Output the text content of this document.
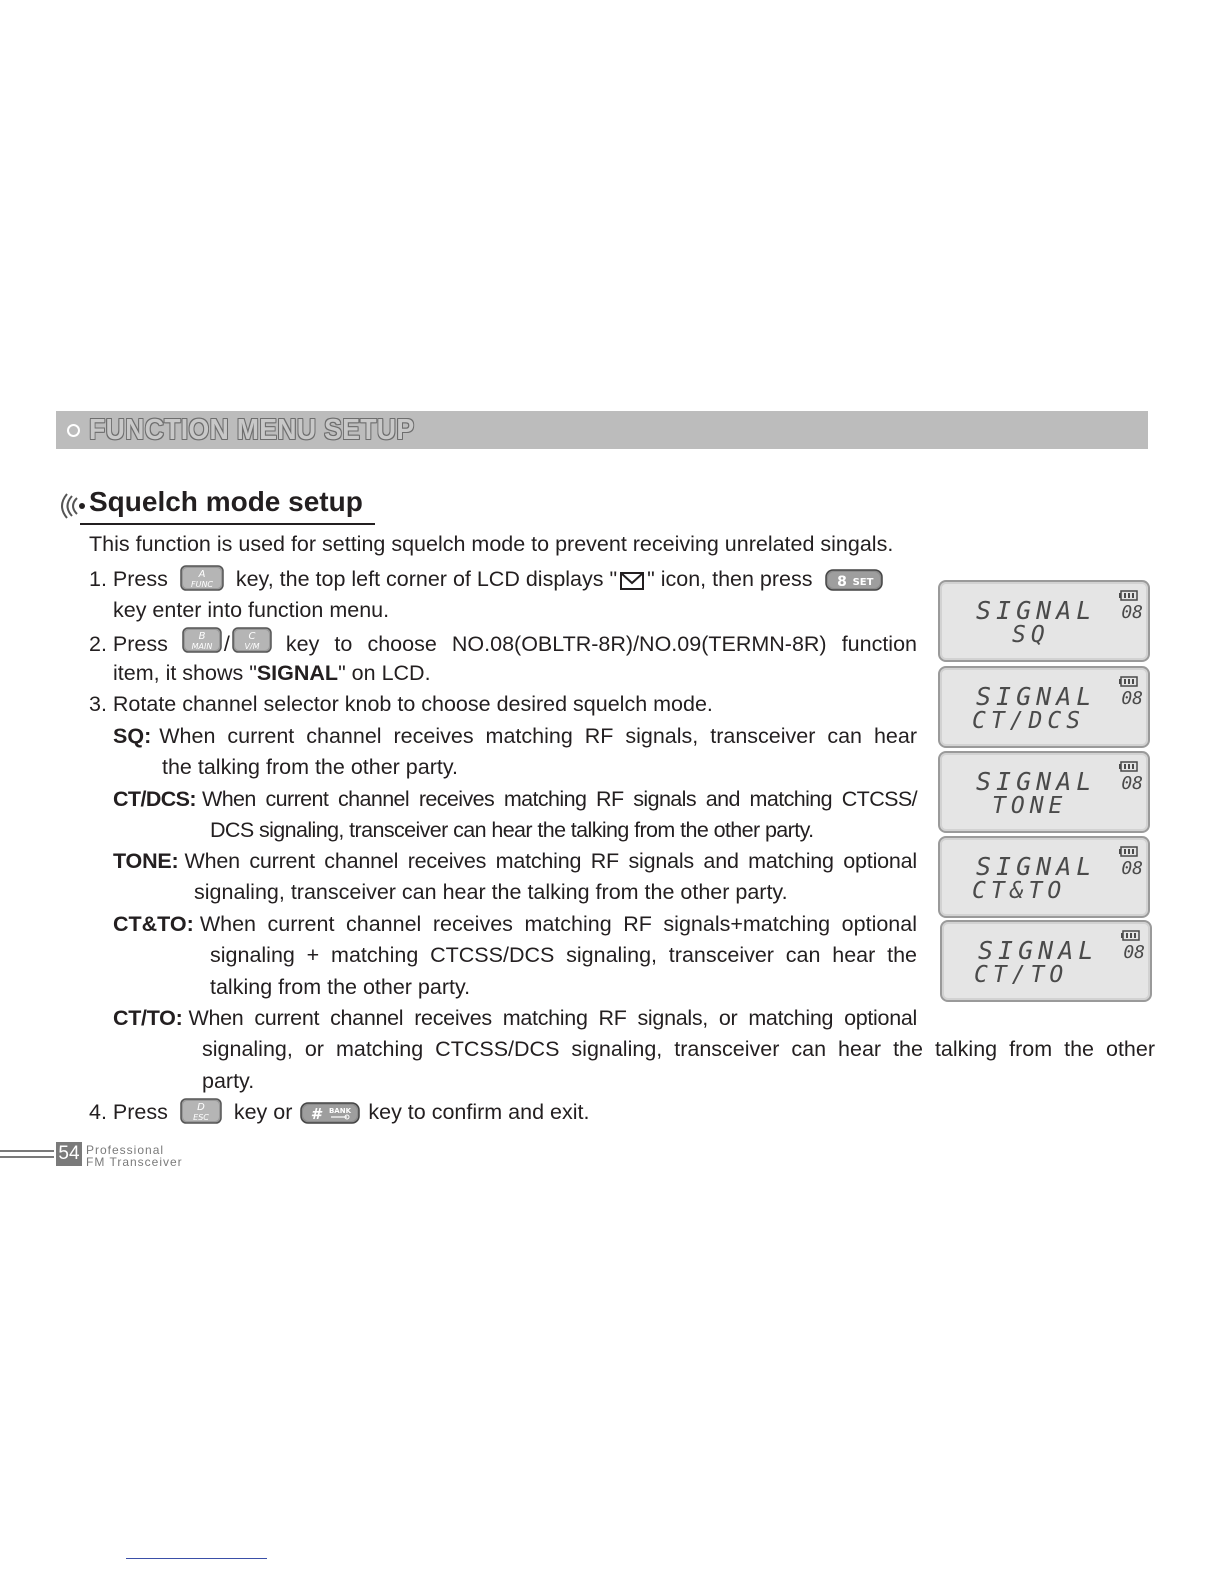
FUNCTION MENU SETUP
Squelch mode setup
This function is used for setting squelch mode to prevent receiving unrelated singals.
1. Press	A
FUNC key, the top left corner of LCD displays " " icon, then press 8 SET
key enter into function menu.
2. Press	B
MAIN / C
V/M key to choose NO.08(OBLTR-8R)/NO.09(TERMN-8R) function
item, it shows "SIGNAL" on LCD.
3. Rotate channel selector knob to choose desired squelch mode.
SQ: When current channel receives matching RF signals, transceiver can hear
the talking from the other party.
CT/DCS: When current channel receives matching RF signals and matching CTCSS/
DCS signaling, transceiver can hear the talking from the other party.
TONE: When current channel receives matching RF signals and matching optional
signaling, transceiver can hear the talking from the other party.
CT&TO: When current channel receives matching RF signals+matching optional
signaling + matching CTCSS/DCS signaling, transceiver can hear the
talking from the other party.
CT/TO: When current channel receives matching RF signals, or matching optional
signaling, or matching CTCSS/DCS signaling, transceiver can hear the talking from the other
party.
4. Press	D
ESC key or # BANK key to confirm and exit.
SIGNAL
SQ
08
SIGNAL
CT/DCS
08
SIGNAL
TONE
08
SIGNAL
CT&TO
08
SIGNAL
CT/TO
08
54 Professional
FM Transceiver
